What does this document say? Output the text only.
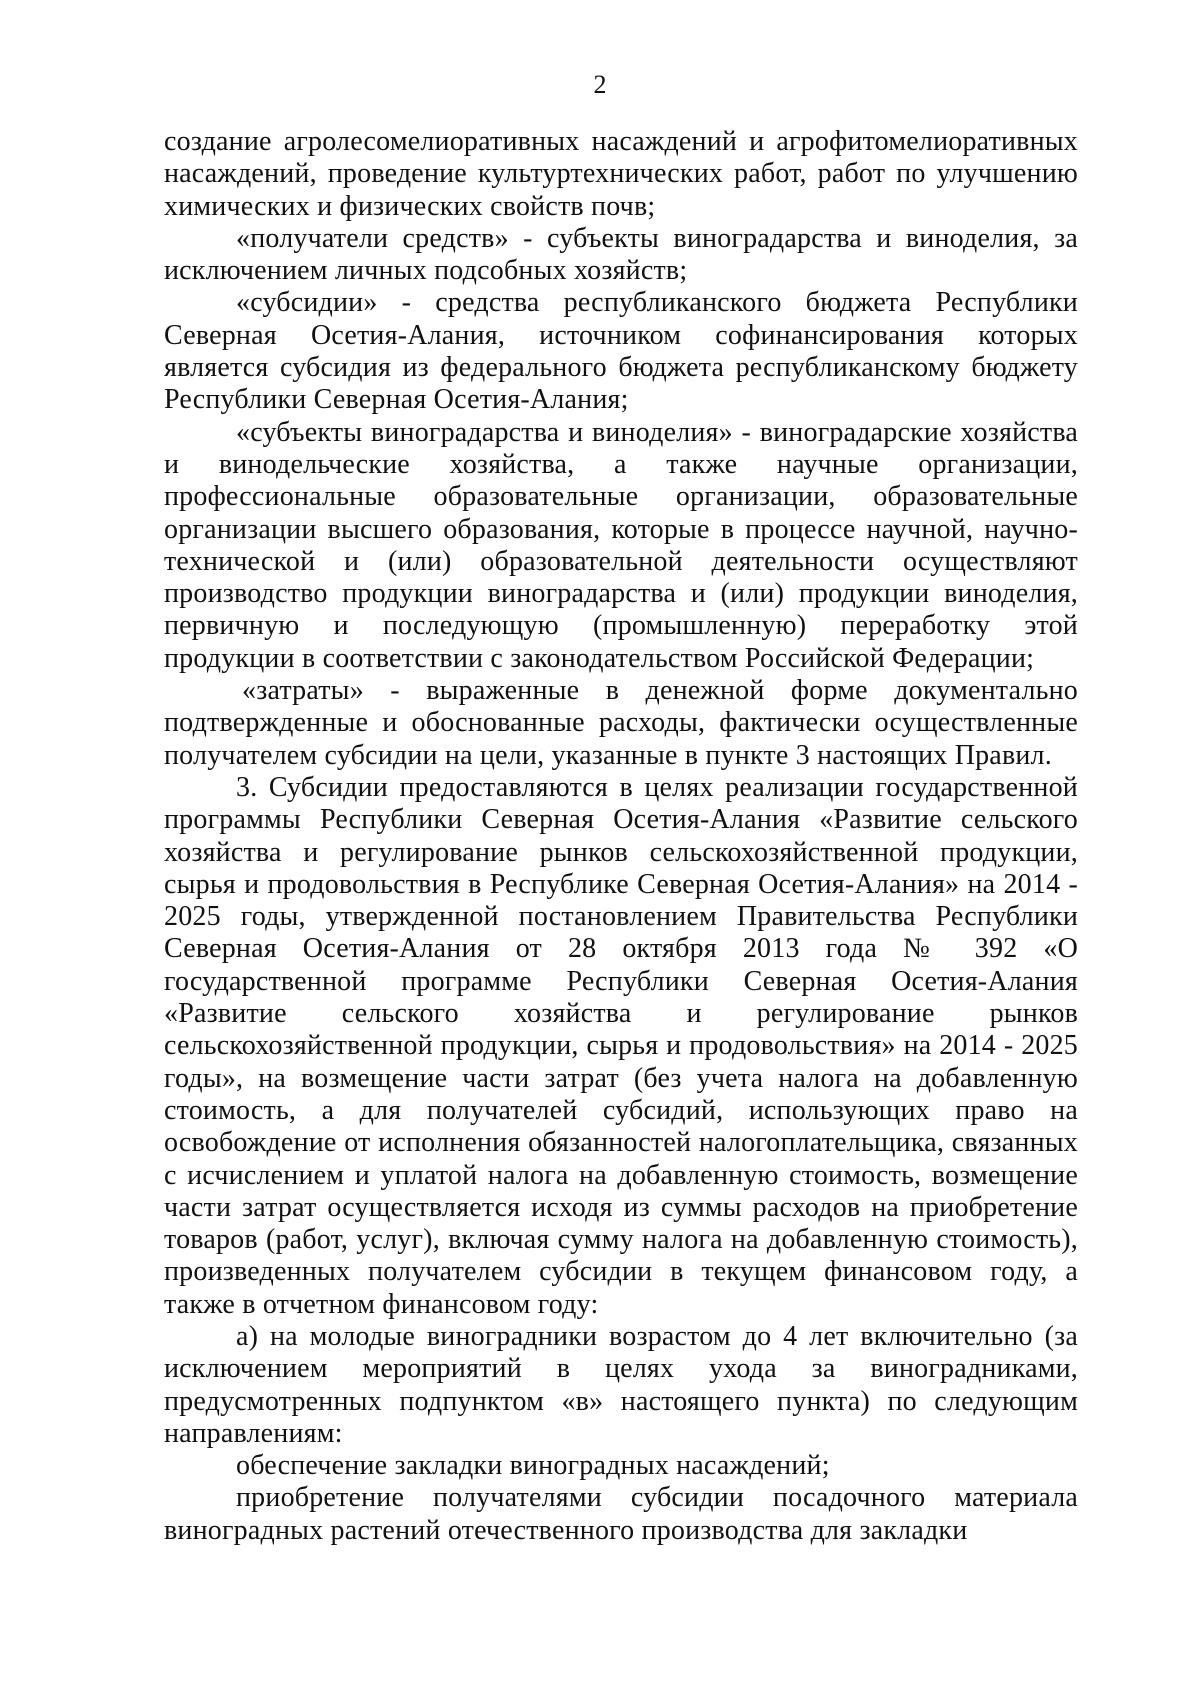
2

создание агролесомелиоративных насаждений и агрофитомелиоративных насаждений, проведение культуртехнических работ, работ по улучшению химических и физических свойств почв;

«получатели средств» - субъекты виноградарства и виноделия, за исключением личных подсобных хозяйств;

«субсидии» - средства республиканского бюджета Республики Северная Осетия-Алания, источником софинансирования которых является субсидия из федерального бюджета республиканскому бюджету Республики Северная Осетия-Алания;

«субъекты виноградарства и виноделия» - виноградарские хозяйства и винодельческие хозяйства, а также научные организации, профессиональные образовательные организации, образовательные организации высшего образования, которые в процессе научной, научно-технической и (или) образовательной деятельности осуществляют производство продукции виноградарства и (или) продукции виноделия, первичную и последующую (промышленную) переработку этой продукции в соответствии с законодательством Российской Федерации;

«затраты» - выраженные в денежной форме документально подтвержденные и обоснованные расходы, фактически осуществленные получателем субсидии на цели, указанные в пункте 3 настоящих Правил.

3. Субсидии предоставляются в целях реализации государственной программы Республики Северная Осетия-Алания «Развитие сельского хозяйства и регулирование рынков сельскохозяйственной продукции, сырья и продовольствия в Республике Северная Осетия-Алания» на 2014 - 2025 годы, утвержденной постановлением Правительства Республики Северная Осетия-Алания от 28 октября 2013 года № 392 «О государственной программе Республики Северная Осетия-Алания «Развитие сельского хозяйства и регулирование рынков сельскохозяйственной продукции, сырья и продовольствия» на 2014 - 2025 годы», на возмещение части затрат (без учета налога на добавленную стоимость, а для получателей субсидий, использующих право на освобождение от исполнения обязанностей налогоплательщика, связанных с исчислением и уплатой налога на добавленную стоимость, возмещение части затрат осуществляется исходя из суммы расходов на приобретение товаров (работ, услуг), включая сумму налога на добавленную стоимость), произведенных получателем субсидии в текущем финансовом году, а также в отчетном финансовом году:

а) на молодые виноградники возрастом до 4 лет включительно (за исключением мероприятий в целях ухода за виноградниками, предусмотренных подпунктом «в» настоящего пункта) по следующим направлениям:

обеспечение закладки виноградных насаждений;

приобретение получателями субсидии посадочного материала виноградных растений отечественного производства для закладки
